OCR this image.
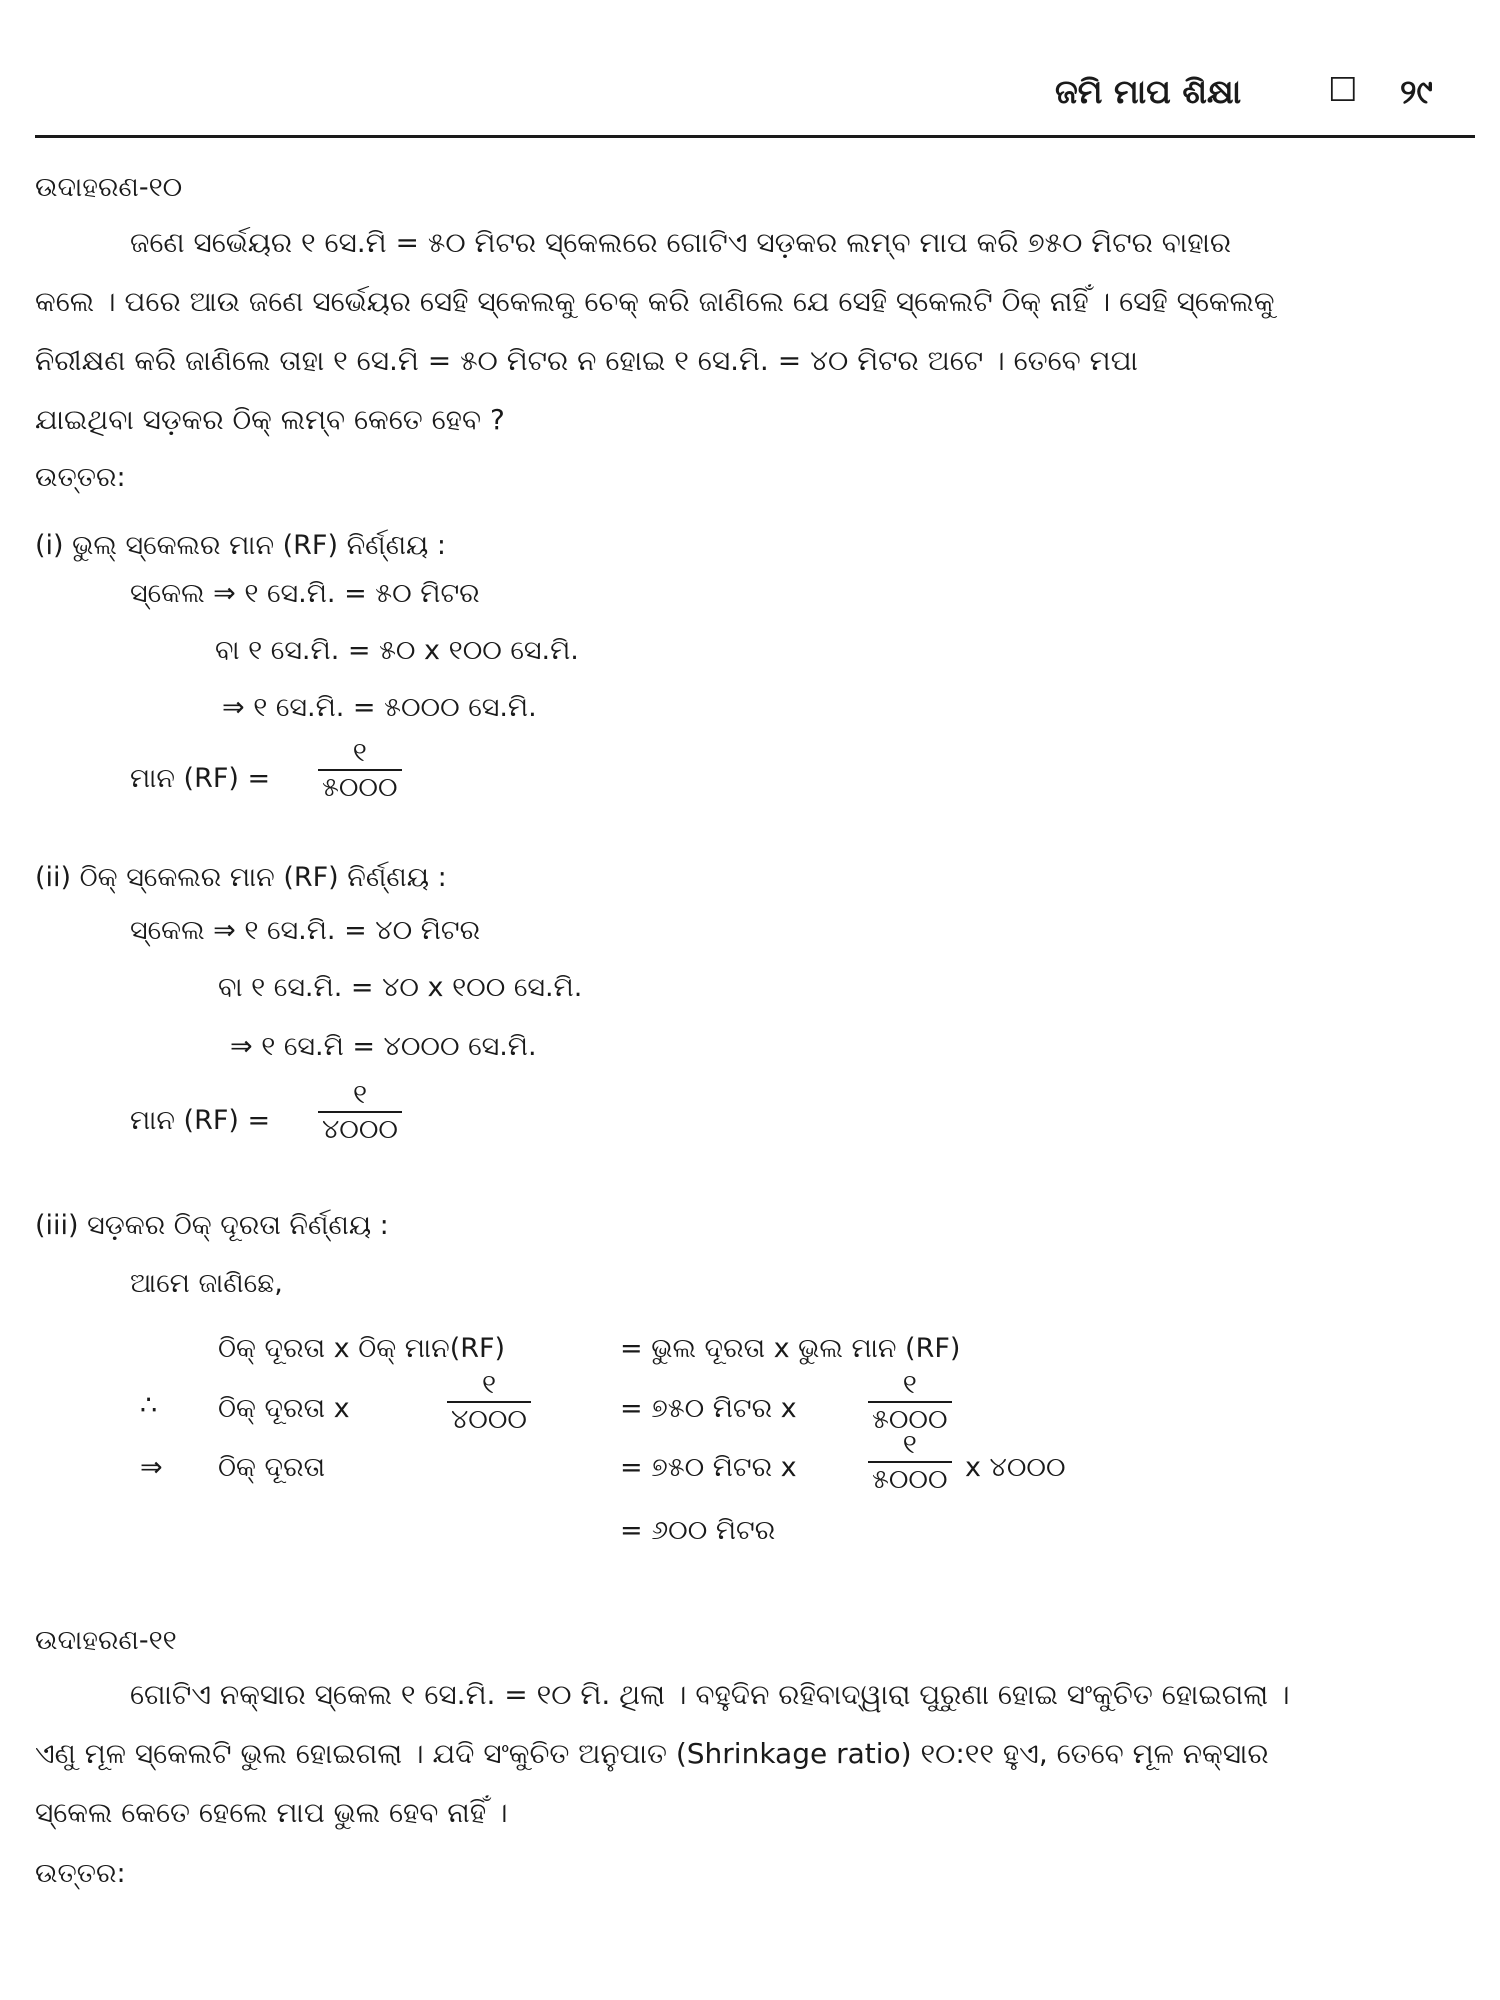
ଜମି ମାପ ଶିକ୍ଷା	☐ ୨୯
ଉଦାହରଣ-୧୦
ଜଣେ ସର୍ଭେୟର ୧ ସେ.ମି = ୫୦ ମିଟର ସ୍କେଲରେ ଗୋଟିଏ ସଡ଼କର ଲମ୍ବ ମାପ କରି ୭୫୦ ମିଟର ବାହାର
କଲେ । ପରେ ଆଉ ଜଣେ ସର୍ଭେୟର ସେହି ସ୍କେଲକୁ ଚେକ୍ କରି ଜାଣିଲେ ଯେ ସେହି ସ୍କେଲଟି ଠିକ୍ ନାହିଁ । ସେହି ସ୍କେଲକୁ
ନିରୀକ୍ଷଣ କରି ଜାଣିଲେ ତାହା ୧ ସେ.ମି = ୫୦ ମିଟର ନ ହୋଇ ୧ ସେ.ମି. = ୪୦ ମିଟର ଅଟେ । ତେବେ ମପା
ଯାଇଥିବା ସଡ଼କର ଠିକ୍ ଲମ୍ବ କେତେ ହେବ ?
ଉତ୍ତର:
(i) ଭୁଲ୍ ସ୍କେଲର ମାନ (RF) ନିର୍ଣ୍ଣୟ :
ସ୍କେଲ ⇒ ୧ ସେ.ମି. = ୫୦ ମିଟର
ବା ୧ ସେ.ମି. = ୫୦ x ୧୦୦ ସେ.ମି.
⇒ ୧ ସେ.ମି. = ୫୦୦୦ ସେ.ମି.
ମାନ (RF) =
୧
୫୦୦୦
(ii) ଠିକ୍ ସ୍କେଲର ମାନ (RF) ନିର୍ଣ୍ଣୟ :
ସ୍କେଲ ⇒ ୧ ସେ.ମି. = ୪୦ ମିଟର
ବା ୧ ସେ.ମି. = ୪୦ x ୧୦୦ ସେ.ମି.
⇒ ୧ ସେ.ମି = ୪୦୦୦ ସେ.ମି.
ମାନ (RF) =
୧
୪୦୦୦
(iii) ସଡ଼କର ଠିକ୍ ଦୂରତା ନିର୍ଣ୍ଣୟ :
ଆମେ ଜାଣିଛେ,
ଠିକ୍ ଦୂରତା x ଠିକ୍ ମାନ(RF)	= ଭୁଲ ଦୂରତା x ଭୁଲ ମାନ (RF)
∴ ଠିକ୍ ଦୂରତା x
୧
୪୦୦୦	= ୭୫୦ ମିଟର x
୧
୫୦୦୦
⇒ ଠିକ୍ ଦୂରତା	= ୭୫୦ ମିଟର x
୧
୫୦୦୦ x ୪୦୦୦
= ୬୦୦ ମିଟର
ଉଦାହରଣ-୧୧
ଗୋଟିଏ ନକ୍ସାର ସ୍କେଲ ୧ ସେ.ମି. = ୧୦ ମି. ଥିଲା । ବହୁଦିନ ରହିବାଦ୍ୱାରା ପୁରୁଣା ହୋଇ ସଂକୁଚିତ ହୋଇଗଲା ।
ଏଣୁ ମୂଳ ସ୍କେଲଟି ଭୁଲ ହୋଇଗଲା । ଯଦି ସଂକୁଚିତ ଅନୁପାତ (Shrinkage ratio) ୧୦:୧୧ ହୁଏ, ତେବେ ମୂଳ ନକ୍ସାର
ସ୍କେଲ କେତେ ହେଲେ ମାପ ଭୁଲ ହେବ ନାହିଁ ।
ଉତ୍ତର:
